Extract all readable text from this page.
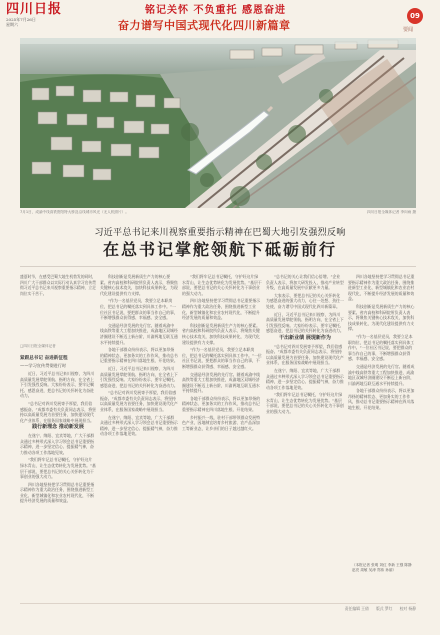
四川日报
2025年7月26日
星期六
铭记关怀 不负重托 感恩奋进
奋力谱写中国式现代化四川新篇章
09
要闻
7月1日，成渝中线高铁资阳特大桥及沿线城市风光（无人机照片）。	四川日报全媒体记者 李向雨 摄
习近平总书记来川视察重要指示精神在巴蜀大地引发强烈反响
在总书记掌舵领航下砥砺前行
盛夏时节，在感受巴蜀大地生机勃发的同时，四川广大干部群众以实际行动认真学习宣传贯彻习近平总书记来川视察重要指示精神，立足岗位实干苦干。
□四川日报全媒体记者
紧跟总书记 奋进新征程
——学习宣传贯彻进行时

近日，习近平总书记来川视察，为四川高质量发展掌舵领航、指明方向，在全省上下引发强烈反响。大家纷纷表示，要牢记嘱托、感恩奋进，把总书记的关怀转化为奋进动力。

“总书记对四川发展寄予厚望，我们倍感振奋。”成都市委有关负责同志表示，将坚持以高质量发展为首要任务，加快建设现代化产业体系，在服务国家战略中展现担当。

践行新理念 推动新发展

在遂宁、绵阳、宜宾等地，广大干部群众通过多种形式深入学习领会总书记重要指示精神，进一步坚定信心、提振精气神，奋力推动各项工作落地见效。

“我们将牢记总书记嘱托，守护好这片绿水青山，让生态优势转化为发展优势。”基层干部说，要把总书记的关心关怀转化为干事创业的强大动力。

四川各地坚持把学习贯彻总书记重要指示精神作为重大政治任务，围绕推进新型工业化、新型城镇化和农业农村现代化，不断提升经济发展的质量和效益。

科技创新是发展新质生产力的核心要素。省内高校和科研院所负责人表示，将聚焦关键核心技术攻关，加快科技成果转化，为现代化建设提供有力支撑。

“作为一名基层党员，我要立足本职岗位，把总书记的嘱托落实到具体工作中。”一位社区书记说，要把群众的事当作自己的事，不断增强群众获得感、幸福感、安全感。

交通是经济发展的先行官。随着成渝中线高铁等重大工程加快推进，成渝地区双城经济圈建设不断迈上新台阶，川渝两地互联互通水平持续提升。

各地干部群众纷纷表示，将以更加昂扬的精神状态、更加务实的工作作风，推动总书记重要指示精神在四川落地生根、开花结果。

近日，习近平总书记来川视察，为四川高质量发展掌舵领航、指明方向，在全省上下引发强烈反响。大家纷纷表示，要牢记嘱托、感恩奋进，把总书记的关怀转化为奋进动力。

“总书记对四川发展寄予厚望，我们倍感振奋。”成都市委有关负责同志表示，将坚持以高质量发展为首要任务，加快建设现代化产业体系，在服务国家战略中展现担当。

在遂宁、绵阳、宜宾等地，广大干部群众通过多种形式深入学习领会总书记重要指示精神，进一步坚定信心、提振精气神，奋力推动各项工作落地见效。

“我们将牢记总书记嘱托，守护好这片绿水青山，让生态优势转化为发展优势。”基层干部说，要把总书记的关心关怀转化为干事创业的强大动力。

四川各地坚持把学习贯彻总书记重要指示精神作为重大政治任务，围绕推进新型工业化、新型城镇化和农业农村现代化，不断提升经济发展的质量和效益。

科技创新是发展新质生产力的核心要素。省内高校和科研院所负责人表示，将聚焦关键核心技术攻关，加快科技成果转化，为现代化建设提供有力支撑。

“作为一名基层党员，我要立足本职岗位，把总书记的嘱托落实到具体工作中。”一位社区书记说，要把群众的事当作自己的事，不断增强群众获得感、幸福感、安全感。

交通是经济发展的先行官。随着成渝中线高铁等重大工程加快推进，成渝地区双城经济圈建设不断迈上新台阶，川渝两地互联互通水平持续提升。

各地干部群众纷纷表示，将以更加昂扬的精神状态、更加务实的工作作风，推动总书记重要指示精神在四川落地生根、开花结果。

乡村振兴一线，驻村干部带领群众发展特色产业，因地制宜培育乡村旅游、农产品深加工等新业态，让乡亲们的日子越过越红火。

“总书记的关心让我们信心倍增。”企业负责人表示，将加大研发投入，推动产业转型升级，在高质量发展中贡献更多力量。

大家表示，要把总书记的关心关怀转化为感恩奋进的强大动力，心往一处想、劲往一处使，奋力谱写中国式现代化四川新篇章。

近日，习近平总书记来川视察，为四川高质量发展掌舵领航、指明方向，在全省上下引发强烈反响。大家纷纷表示，要牢记嘱托、感恩奋进，把总书记的关怀转化为奋进动力。

干出新业绩 展现新作为

“总书记对四川发展寄予厚望，我们倍感振奋。”成都市委有关负责同志表示，将坚持以高质量发展为首要任务，加快建设现代化产业体系，在服务国家战略中展现担当。

在遂宁、绵阳、宜宾等地，广大干部群众通过多种形式深入学习领会总书记重要指示精神，进一步坚定信心、提振精气神，奋力推动各项工作落地见效。

“我们将牢记总书记嘱托，守护好这片绿水青山，让生态优势转化为发展优势。”基层干部说，要把总书记的关心关怀转化为干事创业的强大动力。

四川各地坚持把学习贯彻总书记重要指示精神作为重大政治任务，围绕推进新型工业化、新型城镇化和农业农村现代化，不断提升经济发展的质量和效益。

科技创新是发展新质生产力的核心要素。省内高校和科研院所负责人表示，将聚焦关键核心技术攻关，加快科技成果转化，为现代化建设提供有力支撑。

“作为一名基层党员，我要立足本职岗位，把总书记的嘱托落实到具体工作中。”一位社区书记说，要把群众的事当作自己的事，不断增强群众获得感、幸福感、安全感。

交通是经济发展的先行官。随着成渝中线高铁等重大工程加快推进，成渝地区双城经济圈建设不断迈上新台阶，川渝两地互联互通水平持续提升。

各地干部群众纷纷表示，将以更加昂扬的精神状态、更加务实的工作作风，推动总书记重要指示精神在四川落地生根、开花结果。

（本报记者 张明 刘红 李新 王强 陈静 赵亮 周敏 吴涛 郑伟 孙丽）
责任编辑 王倩 版式 罗红 校对 杨静
